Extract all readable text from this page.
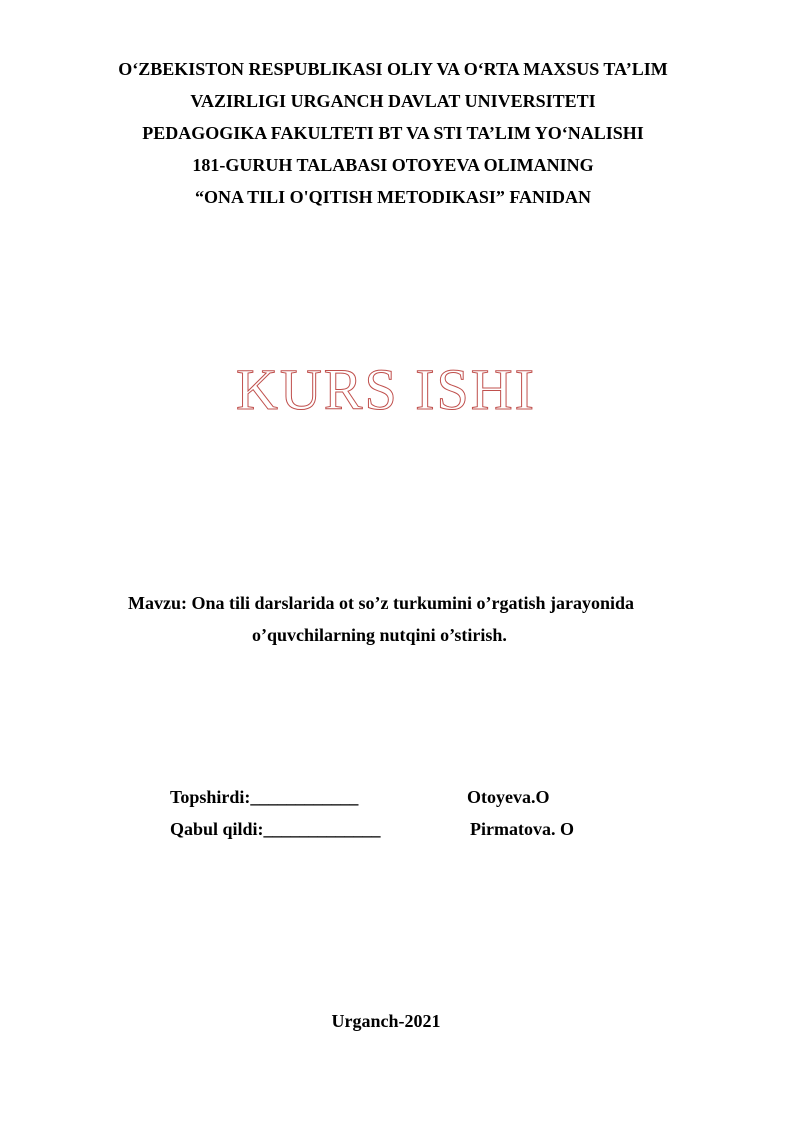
O‘ZBEKISTON RESPUBLIKASI OLIY VA O‘RTA MAXSUS TA’LIM
VAZIRLIGI URGANCH DAVLAT UNIVERSITETI
PEDAGOGIKA FAKULTETI BT VA STI TA’LIM YO‘NALISHI
181-GURUH TALABASI OTOYEVA OLIMANING
“ONA TILI O'QITISH METODIKASI” FANIDAN
KURS ISHI
Mavzu: Ona tili darslarida ot so’z turkumini o’rgatish jarayonida
o’quvchilarning nutqini o’stirish.
Topshirdi:____________	Otoyeva.O
Qabul qildi:_____________	Pirmatova. O
Urganch-2021
